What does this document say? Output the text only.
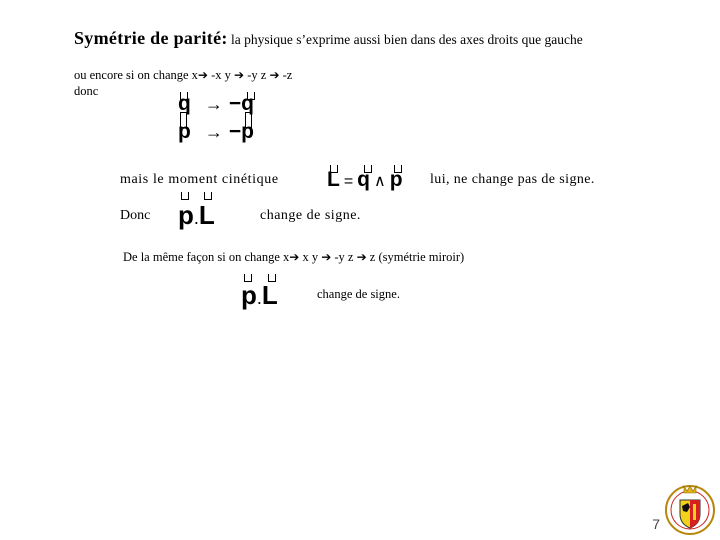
Symétrie de parité: la physique s’exprime aussi bien dans des axes droits que gauche
ou encore si on change x➔ -x y ➔ -y z ➔ -z
donc
q → −q
p → −p
mais le moment cinétique L = q ∧ p lui, ne change pas de signe.
Donc p.L	change de signe.
De la même façon si on change x➔ x y ➔ -y z ➔ z (symétrie miroir)
p.L	change de signe.
7
